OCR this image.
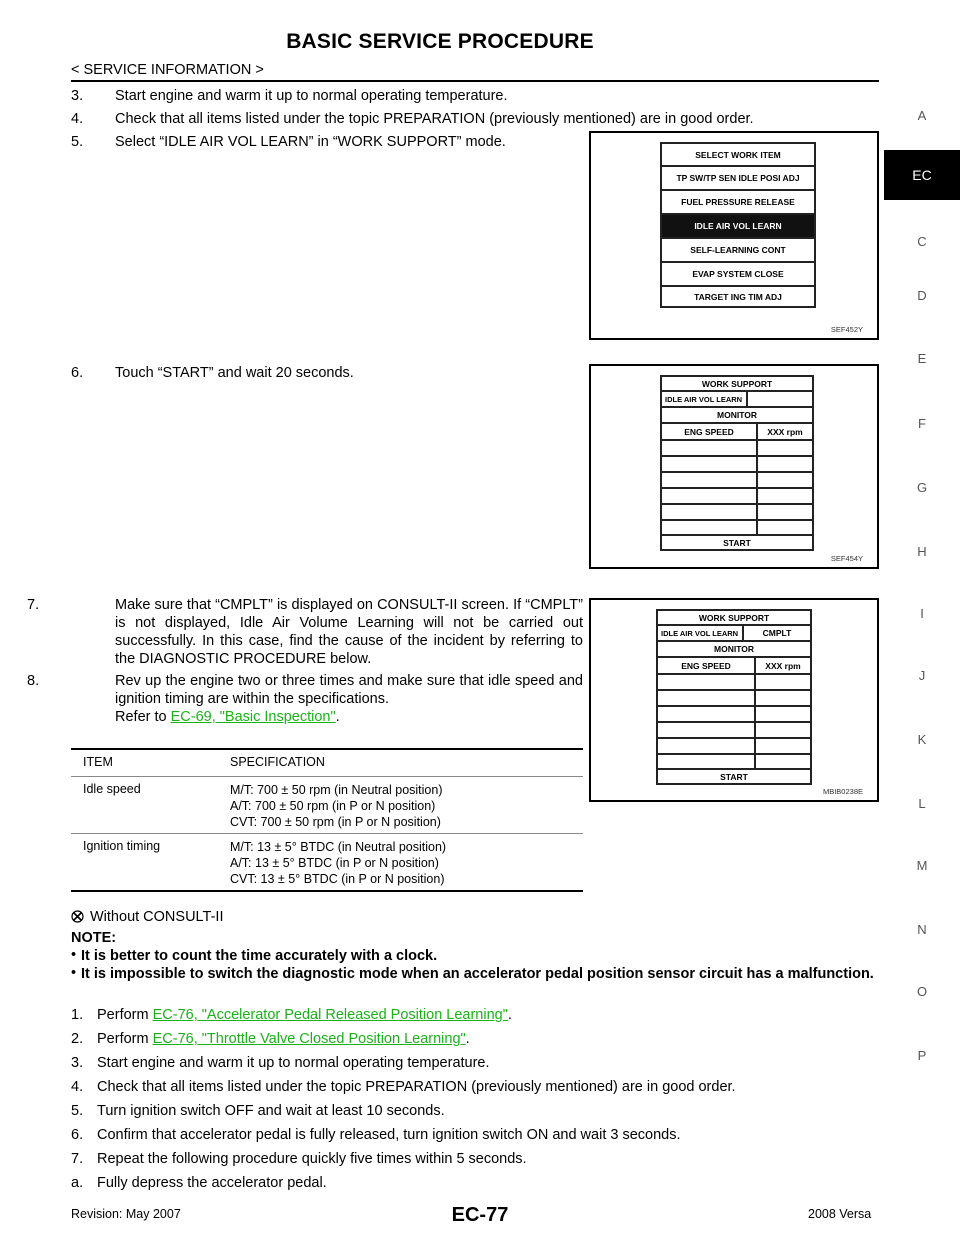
BASIC SERVICE PROCEDURE
< SERVICE INFORMATION >
A
EC
C
D
E
F
G
H
I
J
K
L
M
N
O
P
3. Start engine and warm it up to normal operating temperature.
4. Check that all items listed under the topic PREPARATION (previously mentioned) are in good order.
5. Select “IDLE AIR VOL LEARN” in “WORK SUPPORT” mode.
6. Touch “START” and wait 20 seconds.
7.	Make sure that “CMPLT” is displayed on CONSULT-II screen. If “CMPLT” is not displayed, Idle Air Volume Learning will not be carried out successfully. In this case, find the cause of the incident by referring to the DIAGNOSTIC PROCEDURE below.
8.	Rev up the engine two or three times and make sure that idle speed and ignition timing are within the specifications.
Refer to EC-69, "Basic Inspection".
SELECT WORK ITEM
TP SW/TP SEN IDLE POSI ADJ
FUEL PRESSURE RELEASE
IDLE AIR VOL LEARN
SELF-LEARNING CONT
EVAP SYSTEM CLOSE
TARGET ING TIM ADJ
SEF452Y
WORK SUPPORT
IDLE AIR VOL LEARN
MONITOR
ENG SPEED	XXX rpm
START
SEF454Y
WORK SUPPORT
IDLE AIR VOL LEARN	CMPLT
MONITOR
ENG SPEED	XXX rpm
START
MBIB0238E
ITEM	SPECIFICATION
Idle speed	M/T: 700 ± 50 rpm (in Neutral position)
A/T: 700 ± 50 rpm (in P or N position)
CVT: 700 ± 50 rpm (in P or N position)
Ignition timing	M/T: 13 ± 5° BTDC (in Neutral position)
A/T: 13 ± 5° BTDC (in P or N position)
CVT: 13 ± 5° BTDC (in P or N position)
Without CONSULT-II
NOTE:
• It is better to count the time accurately with a clock.
• It is impossible to switch the diagnostic mode when an accelerator pedal position sensor circuit has a malfunction.
1. Perform EC-76, "Accelerator Pedal Released Position Learning".
2. Perform EC-76, "Throttle Valve Closed Position Learning".
3. Start engine and warm it up to normal operating temperature.
4. Check that all items listed under the topic PREPARATION (previously mentioned) are in good order.
5. Turn ignition switch OFF and wait at least 10 seconds.
6. Confirm that accelerator pedal is fully released, turn ignition switch ON and wait 3 seconds.
7. Repeat the following procedure quickly five times within 5 seconds.
a. Fully depress the accelerator pedal.
Revision: May 2007	EC-77	2008 Versa
